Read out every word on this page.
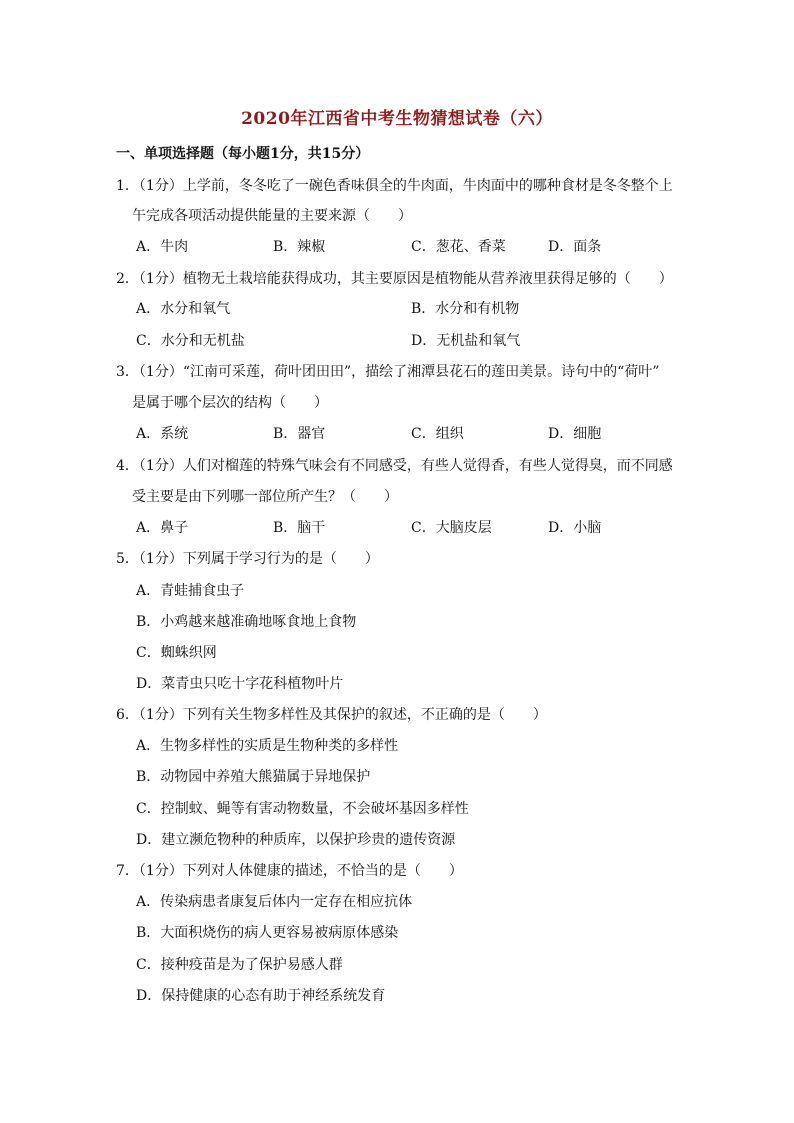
2020年江西省中考生物猜想试卷（六）
一、单项选择题（每小题1分，共15分）
1．（1分）上学前，冬冬吃了一碗色香味俱全的牛肉面，牛肉面中的哪种食材是冬冬整个上
午完成各项活动提供能量的主要来源（　　）
A．牛肉	B．辣椒	C．葱花、香菜	D．面条
2．（1分）植物无土栽培能获得成功，其主要原因是植物能从营养液里获得足够的（　　）
A．水分和氧气	B．水分和有机物
C．水分和无机盐	D．无机盐和氧气
3．（1分）“江南可采莲，荷叶团田田”，描绘了湘潭县花石的莲田美景。诗句中的“荷叶”
是属于哪个层次的结构（　　）
A．系统	B．器官	C．组织	D．细胞
4．（1分）人们对榴莲的特殊气味会有不同感受，有些人觉得香，有些人觉得臭，而不同感
受主要是由下列哪一部位所产生？（　　）
A．鼻子	B．脑干	C．大脑皮层	D．小脑
5．（1分）下列属于学习行为的是（　　）
A．青蛙捕食虫子
B．小鸡越来越准确地啄食地上食物
C．蜘蛛织网
D．菜青虫只吃十字花科植物叶片
6．（1分）下列有关生物多样性及其保护的叙述，不正确的是（　　）
A．生物多样性的实质是生物种类的多样性
B．动物园中养殖大熊猫属于异地保护
C．控制蚊、蝇等有害动物数量，不会破坏基因多样性
D．建立濒危物种的种质库，以保护珍贵的遗传资源
7．（1分）下列对人体健康的描述，不恰当的是（　　）
A．传染病患者康复后体内一定存在相应抗体
B．大面积烧伤的病人更容易被病原体感染
C．接种疫苗是为了保护易感人群
D．保持健康的心态有助于神经系统发育
